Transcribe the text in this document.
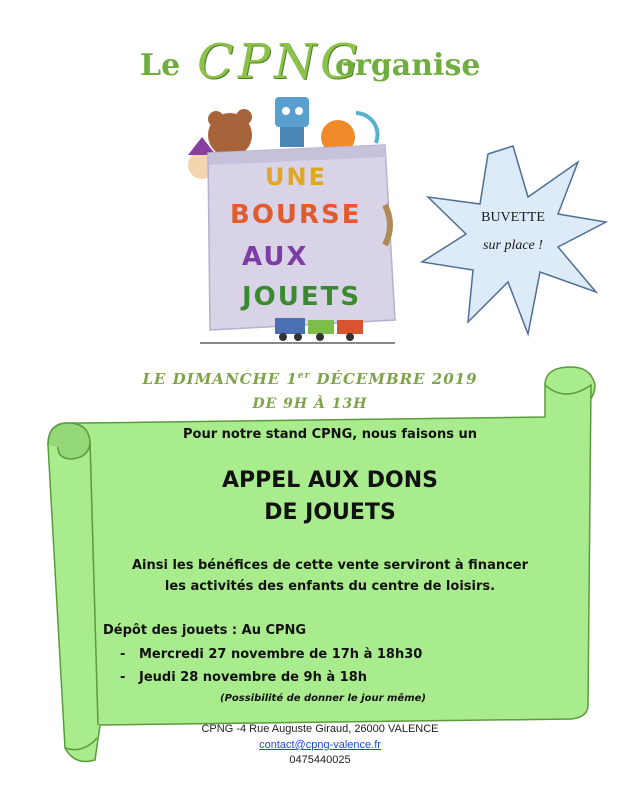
Le CPNG
organise
UNE
BOURSE
AUX
JOUETS
BUVETTE
sur place !
LE DIMANCHE 1er DÉCEMBRE 2019
DE 9H À 13H
Pour notre stand CPNG, nous faisons un
APPEL AUX DONS
DE JOUETS
Ainsi les bénéfices de cette vente serviront à financer
les activités des enfants du centre de loisirs.
Dépôt des jouets : Au CPNG
- Mercredi 27 novembre de 17h à 18h30
- Jeudi 28 novembre de 9h à 18h
(Possibilité de donner le jour même)
CPNG -4 Rue Auguste Giraud, 26000 VALENCE
contact@cpng-valence.fr
0475440025
